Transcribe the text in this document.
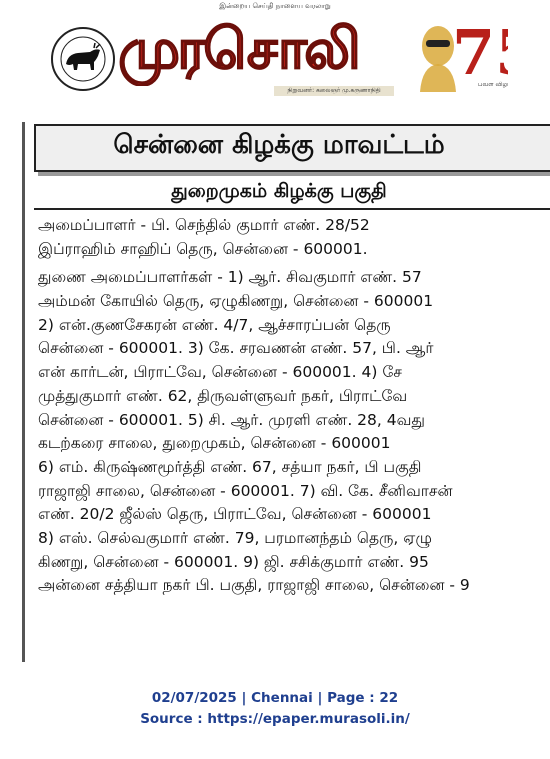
இன்றைய செய்தி நாளைய வரலாறு
முரசொலி
நிறுவனர்: கலைஞர் மு.கருணாநிதி
7
பவள விழா
சென்னை கிழக்கு மாவட்டம்
துறைமுகம் கிழக்கு பகுதி
அமைப்பாளர் - பி. செந்தில் குமார் எண். 28/52
இப்ராஹிம் சாஹிப் தெரு, சென்னை - 600001.
துணை அமைப்பாளர்கள் - 1) ஆர். சிவகுமார் எண். 57
அம்மன் கோயில் தெரு, ஏழுகிணறு, சென்னை - 600001
2) என்.குணசேகரன் எண். 4/7, ஆச்சாரப்பன் தெரு
சென்னை - 600001. 3) கே. சரவணன் எண். 57, பி. ஆர்
என் கார்டன், பிராட்வே, சென்னை - 600001. 4) சே
முத்துகுமார் எண். 62, திருவள்ளுவர் நகர், பிராட்வே
சென்னை - 600001. 5) சி. ஆர். முரளி எண். 28, 4வது
கடற்கரை சாலை, துறைமுகம், சென்னை - 600001
6) எம். கிருஷ்ணமூர்த்தி எண். 67, சத்யா நகர், பி பகுதி
ராஜாஜி சாலை, சென்னை - 600001. 7) வி. கே. சீனிவாசன்
எண். 20/2 ஜீல்ஸ் தெரு, பிராட்வே, சென்னை - 600001
8) எஸ். செல்வகுமார் எண். 79, பரமானந்தம் தெரு, ஏழு
கிணறு, சென்னை - 600001. 9) ஜி. சசிக்குமார் எண். 95
அன்னை சத்தியா நகர் பி. பகுதி, ராஜாஜி சாலை, சென்னை - 9
02/07/2025 | Chennai | Page : 22
Source : https://epaper.murasoli.in/
